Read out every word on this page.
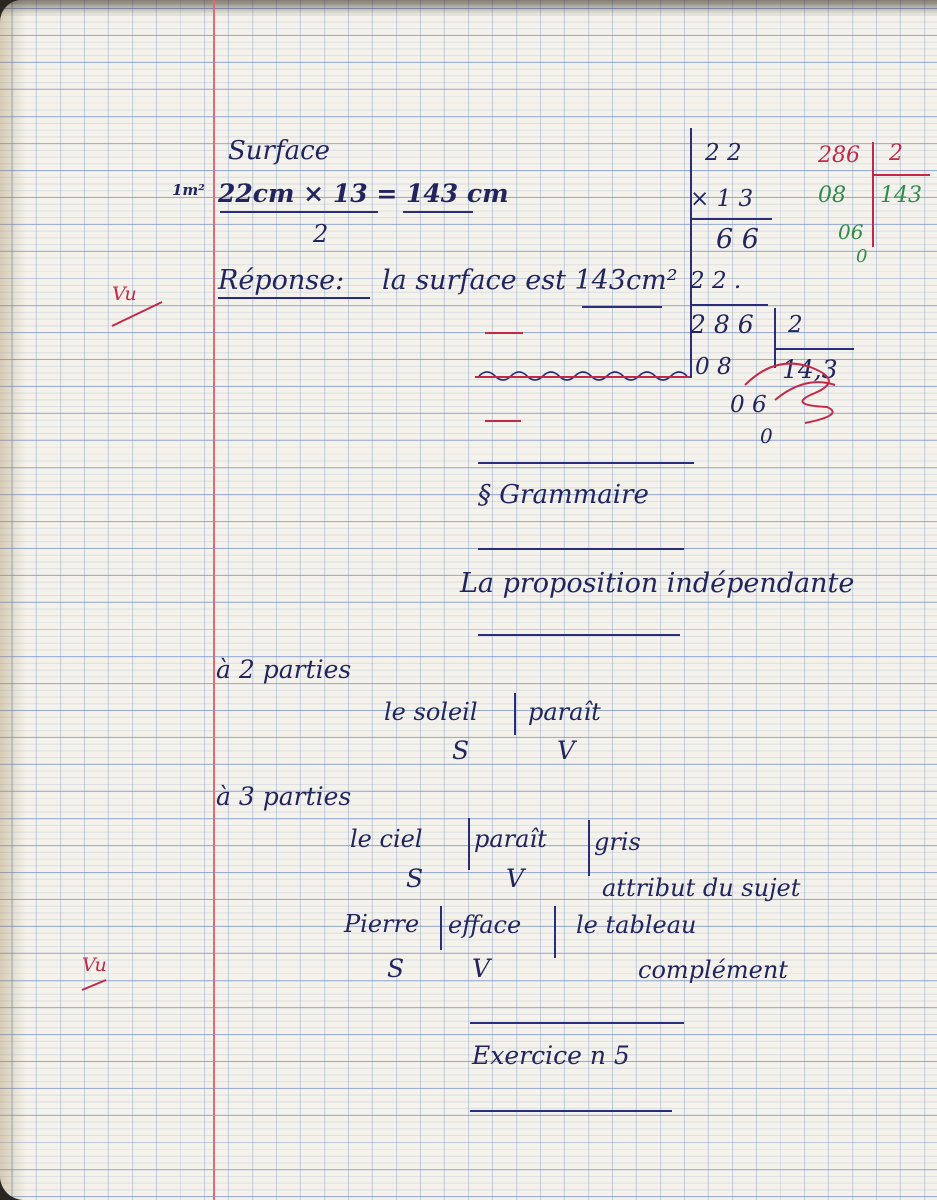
Surface
1m² 22cm × 13 = 143 cm
2
Réponse: la surface est 143cm²
Vu
Vu
2 2
× 1 3
6 6
2 2 .
2 8 6 2
0 8 14,3
0 6
0
286 2
08 143
06
0
§ Grammaire
La proposition indépendante
à 2 parties
le soleil paraît
S	V
à 3 parties
le ciel paraît gris
S	V	attribut du sujet
Pierre efface le tableau
S	V	complément
Exercice n 5
